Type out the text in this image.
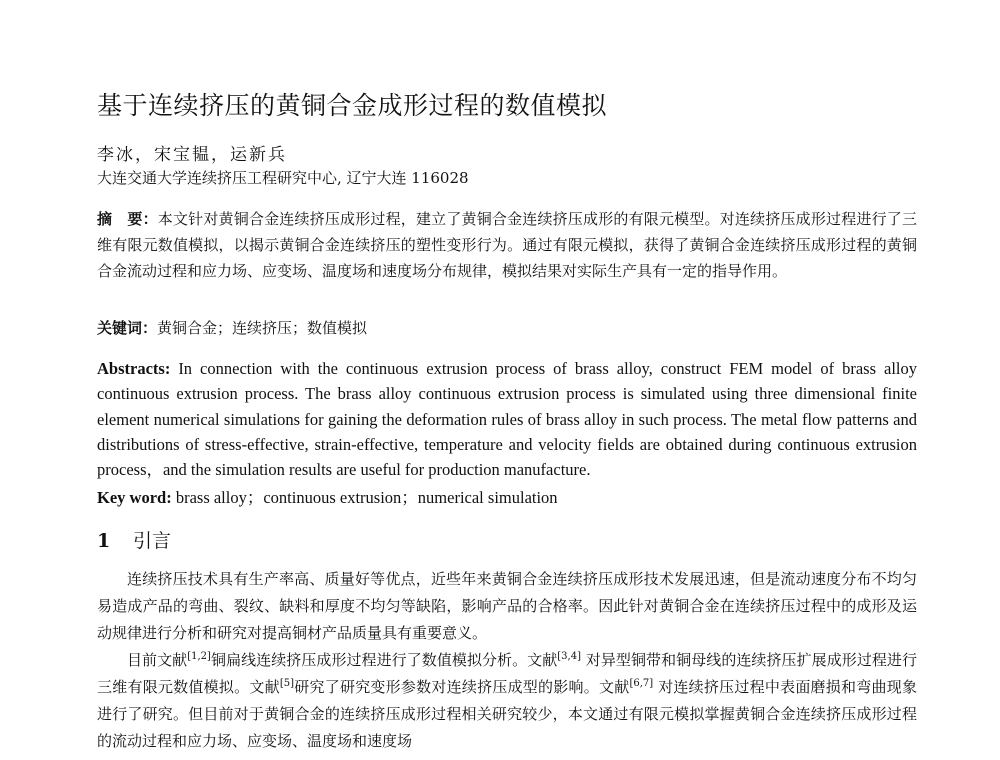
基于连续挤压的黄铜合金成形过程的数值模拟
李冰，宋宝韫，运新兵
大连交通大学连续挤压工程研究中心, 辽宁大连 116028

摘　要：本文针对黄铜合金连续挤压成形过程，建立了黄铜合金连续挤压成形的有限元模型。对连续挤压成形过程进行了三维有限元数值模拟，以揭示黄铜合金连续挤压的塑性变形行为。通过有限元模拟，获得了黄铜合金连续挤压成形过程的黄铜合金流动过程和应力场、应变场、温度场和速度场分布规律，模拟结果对实际生产具有一定的指导作用。

关键词：黄铜合金；连续挤压；数值模拟

Abstracts: In connection with the continuous extrusion process of brass alloy, construct FEM model of brass alloy continuous extrusion process. The brass alloy continuous extrusion process is simulated using three dimensional finite element numerical simulations for gaining the deformation rules of brass alloy in such process. The metal flow patterns and distributions of stress-effective, strain-effective, temperature and velocity fields are obtained during continuous extrusion process，and the simulation results are useful for production manufacture.

Key word: brass alloy；continuous extrusion；numerical simulation

1 引言

连续挤压技术具有生产率高、质量好等优点，近些年来黄铜合金连续挤压成形技术发展迅速，但是流动速度分布不均匀易造成产品的弯曲、裂纹、缺料和厚度不均匀等缺陷，影响产品的合格率。因此针对黄铜合金在连续挤压过程中的成形及运动规律进行分析和研究对提高铜材产品质量具有重要意义。

目前文献[1,2]铜扁线连续挤压成形过程进行了数值模拟分析。文献[3,4] 对异型铜带和铜母线的连续挤压扩展成形过程进行三维有限元数值模拟。文献[5]研究了研究变形参数对连续挤压成型的影响。文献[6,7] 对连续挤压过程中表面磨损和弯曲现象进行了研究。但目前对于黄铜合金的连续挤压成形过程相关研究较少，本文通过有限元模拟掌握黄铜合金连续挤压成形过程的流动过程和应力场、应变场、温度场和速度场
